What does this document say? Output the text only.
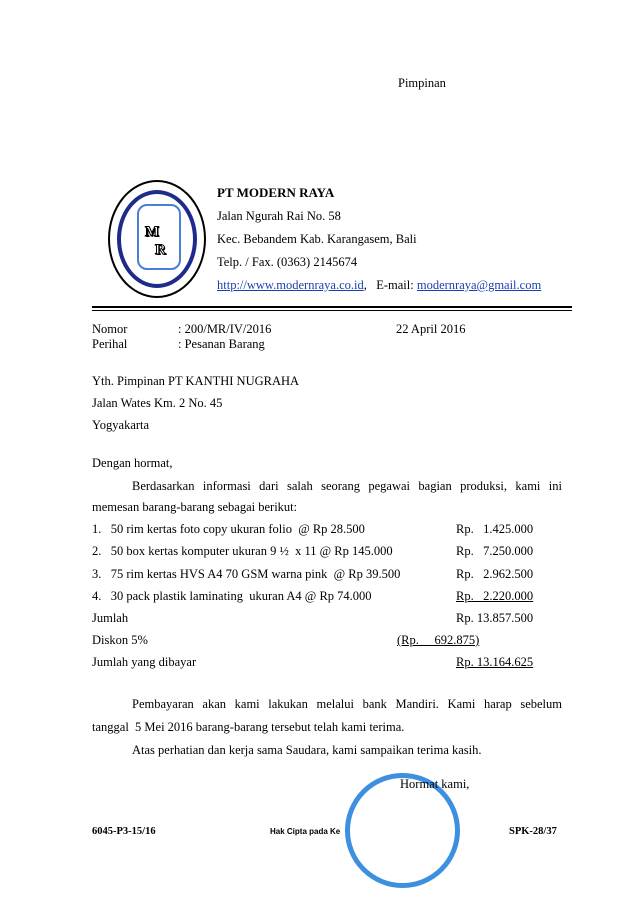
Pimpinan
M
R
PT MODERN RAYA
Jalan Ngurah Rai No. 58
Kec. Bebandem Kab. Karangasem, Bali
Telp. / Fax. (0363) 2145674
http://www.modernraya.co.id,   E-mail: modernraya@gmail.com
Nomor	: 200/MR/IV/2016	22 April 2016
Perihal	: Pesanan Barang
Yth. Pimpinan PT KANTHI NUGRAHA
Jalan Wates Km. 2 No. 45
Yogyakarta
Dengan hormat,
Berdasarkan informasi dari salah seorang pegawai bagian produksi, kami ini
memesan barang-barang sebagai berikut:
1.   50 rim kertas foto copy ukuran folio  @ Rp 28.500	Rp.   1.425.000
2.   50 box kertas komputer ukuran 9 ½  x 11 @ Rp 145.000	Rp.   7.250.000
3.   75 rim kertas HVS A4 70 GSM warna pink  @ Rp 39.500	Rp.   2.962.500
4.   30 pack plastik laminating  ukuran A4 @ Rp 74.000	Rp.   2.220.000
Jumlah	Rp. 13.857.500
Diskon 5%	(Rp.     692.875)
Jumlah yang dibayar	Rp. 13.164.625
Pembayaran akan kami lakukan melalui bank Mandiri. Kami harap sebelum
tanggal  5 Mei 2016 barang-barang tersebut telah kami terima.
Atas perhatian dan kerja sama Saudara, kami sampaikan terima kasih.
Hormat kami,
6045-P3-15/16	Hak Cipta pada Ke	SPK-28/37
